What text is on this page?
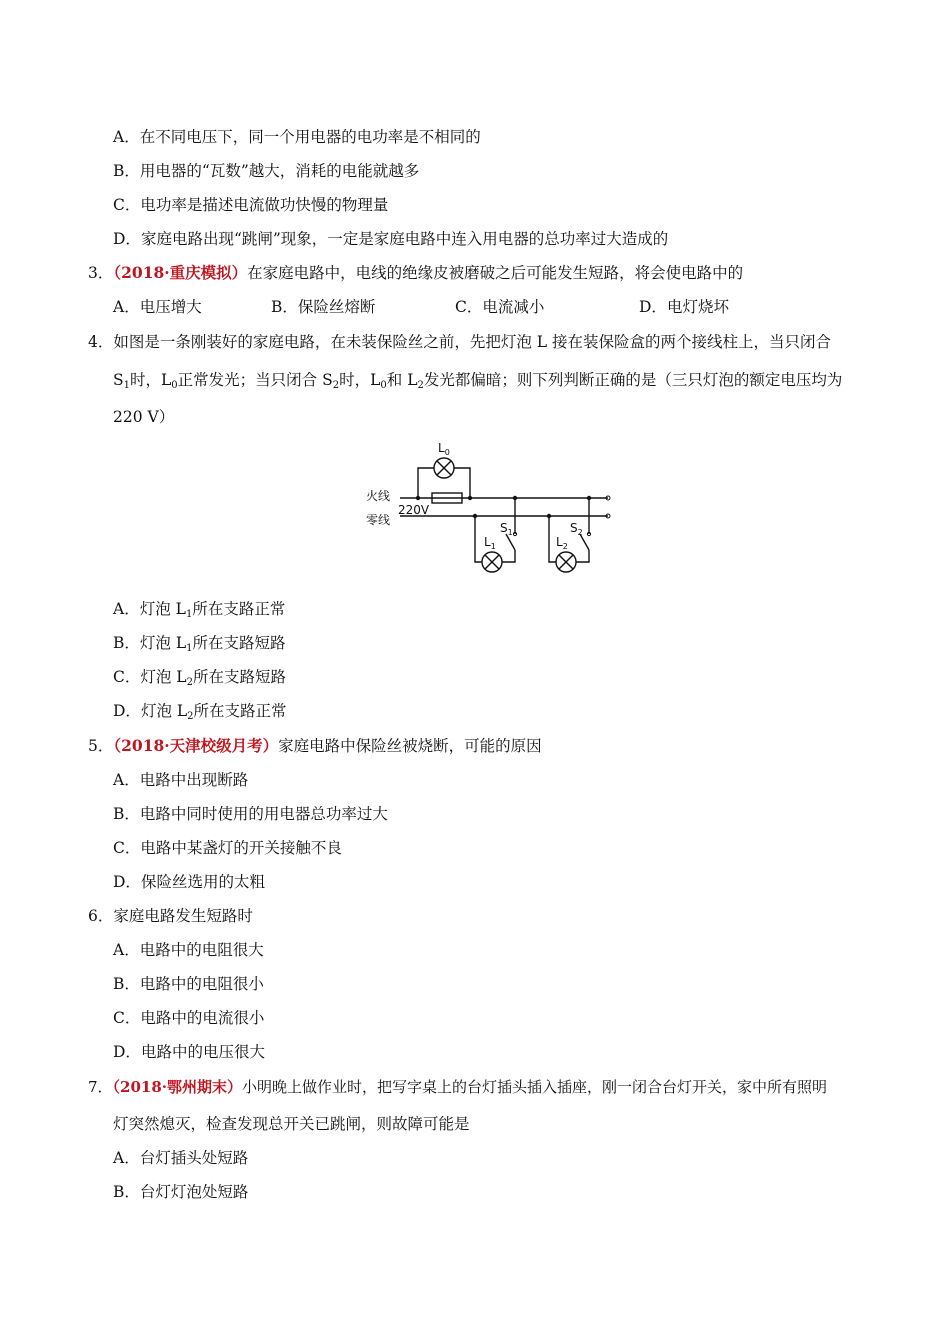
A．在不同电压下，同一个用电器的电功率是不相同的
B．用电器的“瓦数”越大，消耗的电能就越多
C．电功率是描述电流做功快慢的物理量
D．家庭电路出现“跳闸”现象，一定是家庭电路中连入用电器的总功率过大造成的
3．（2018·重庆模拟）在家庭电路中，电线的绝缘皮被磨破之后可能发生短路，将会使电路中的
A．电压增大	B．保险丝熔断	C．电流减小	D．电灯烧坏
4．如图是一条刚装好的家庭电路，在未装保险丝之前，先把灯泡 L 接在装保险盒的两个接线柱上，当只闭合
$S_1$时，$L_0$正常发光；当只闭合 $S_2$时，$L_0$和 $L_2$发光都偏暗；则下列判断正确的是（三只灯泡的额定电压均为
220 V）
火线
零线
220V
$L_0$
$L_1$
$S_1$
$L_2$
$S_2$
A．灯泡 $L_1$所在支路正常
B．灯泡 $L_1$所在支路短路
C．灯泡 $L_2$所在支路短路
D．灯泡 $L_2$所在支路正常
5．（2018·天津校级月考）家庭电路中保险丝被烧断，可能的原因
A．电路中出现断路
B．电路中同时使用的用电器总功率过大
C．电路中某盏灯的开关接触不良
D．保险丝选用的太粗
6．家庭电路发生短路时
A．电路中的电阻很大
B．电路中的电阻很小
C．电路中的电流很小
D．电路中的电压很大
7．（2018·鄂州期末）小明晚上做作业时，把写字桌上的台灯插头插入插座，刚一闭合台灯开关，家中所有照明
灯突然熄灭，检查发现总开关已跳闸，则故障可能是
A．台灯插头处短路
B．台灯灯泡处短路
